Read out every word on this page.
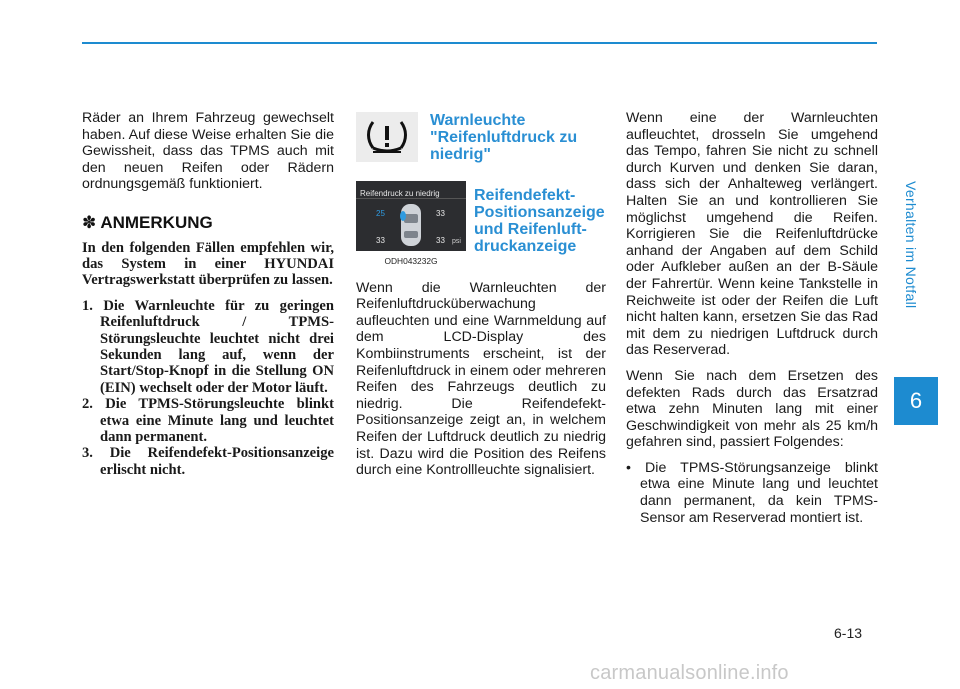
Verhalten im Notfall
6

Räder an Ihrem Fahrzeug gewechselt haben. Auf diese Weise erhalten Sie die Gewissheit, dass das TPMS auch mit den neuen Reifen oder Rädern ordnungsgemäß funktioniert.

✽ ANMERKUNG

In den folgenden Fällen empfehlen wir, das System in einer HYUNDAI Vertragswerkstatt überprüfen zu lassen.

1. Die Warnleuchte für zu geringen Reifenluftdruck / TPMS-Störungsleuchte leuchtet nicht drei Sekunden lang auf, wenn der Start/Stop-Knopf in die Stellung ON (EIN) wechselt oder der Motor läuft.
2. Die TPMS-Störungsleuchte blinkt etwa eine Minute lang und leuchtet dann permanent.
3. Die Reifendefekt-Positionsanzeige erlischt nicht.
Warnleuchte "Reifenluftdruck zu niedrig"
Reifendruck zu niedrig
25	33
33	33 psi
ODH043232G
Reifendefekt-Positionsanzeige und Reifenluft-druckanzeige

Wenn die Warnleuchten der Reifenluftdrucküberwachung aufleuchten und eine Warnmeldung auf dem LCD-Display des Kombiinstruments erscheint, ist der Reifenluftdruck in einem oder mehreren Reifen des Fahrzeugs deutlich zu niedrig. Die Reifendefekt-Positionsanzeige zeigt an, in welchem Reifen der Luftdruck deutlich zu niedrig ist. Dazu wird die Position des Reifens durch eine Kontrollleuchte signalisiert.

Wenn eine der Warnleuchten aufleuchtet, drosseln Sie umgehend das Tempo, fahren Sie nicht zu schnell durch Kurven und denken Sie daran, dass sich der Anhalteweg verlängert. Halten Sie an und kontrollieren Sie möglichst umgehend die Reifen. Korrigieren Sie die Reifenluftdrücke anhand der Angaben auf dem Schild oder Aufkleber außen an der B-Säule der Fahrertür. Wenn keine Tankstelle in Reichweite ist oder der Reifen die Luft nicht halten kann, ersetzen Sie das Rad mit dem zu niedrigen Luftdruck durch das Reserverad.

Wenn Sie nach dem Ersetzen des defekten Rads durch das Ersatzrad etwa zehn Minuten lang mit einer Geschwindigkeit von mehr als 25 km/h gefahren sind, passiert Folgendes:

• Die TPMS-Störungsanzeige blinkt etwa eine Minute lang und leuchtet dann permanent, da kein TPMS-Sensor am Reserverad montiert ist.

6-13
carmanualsonline.info
